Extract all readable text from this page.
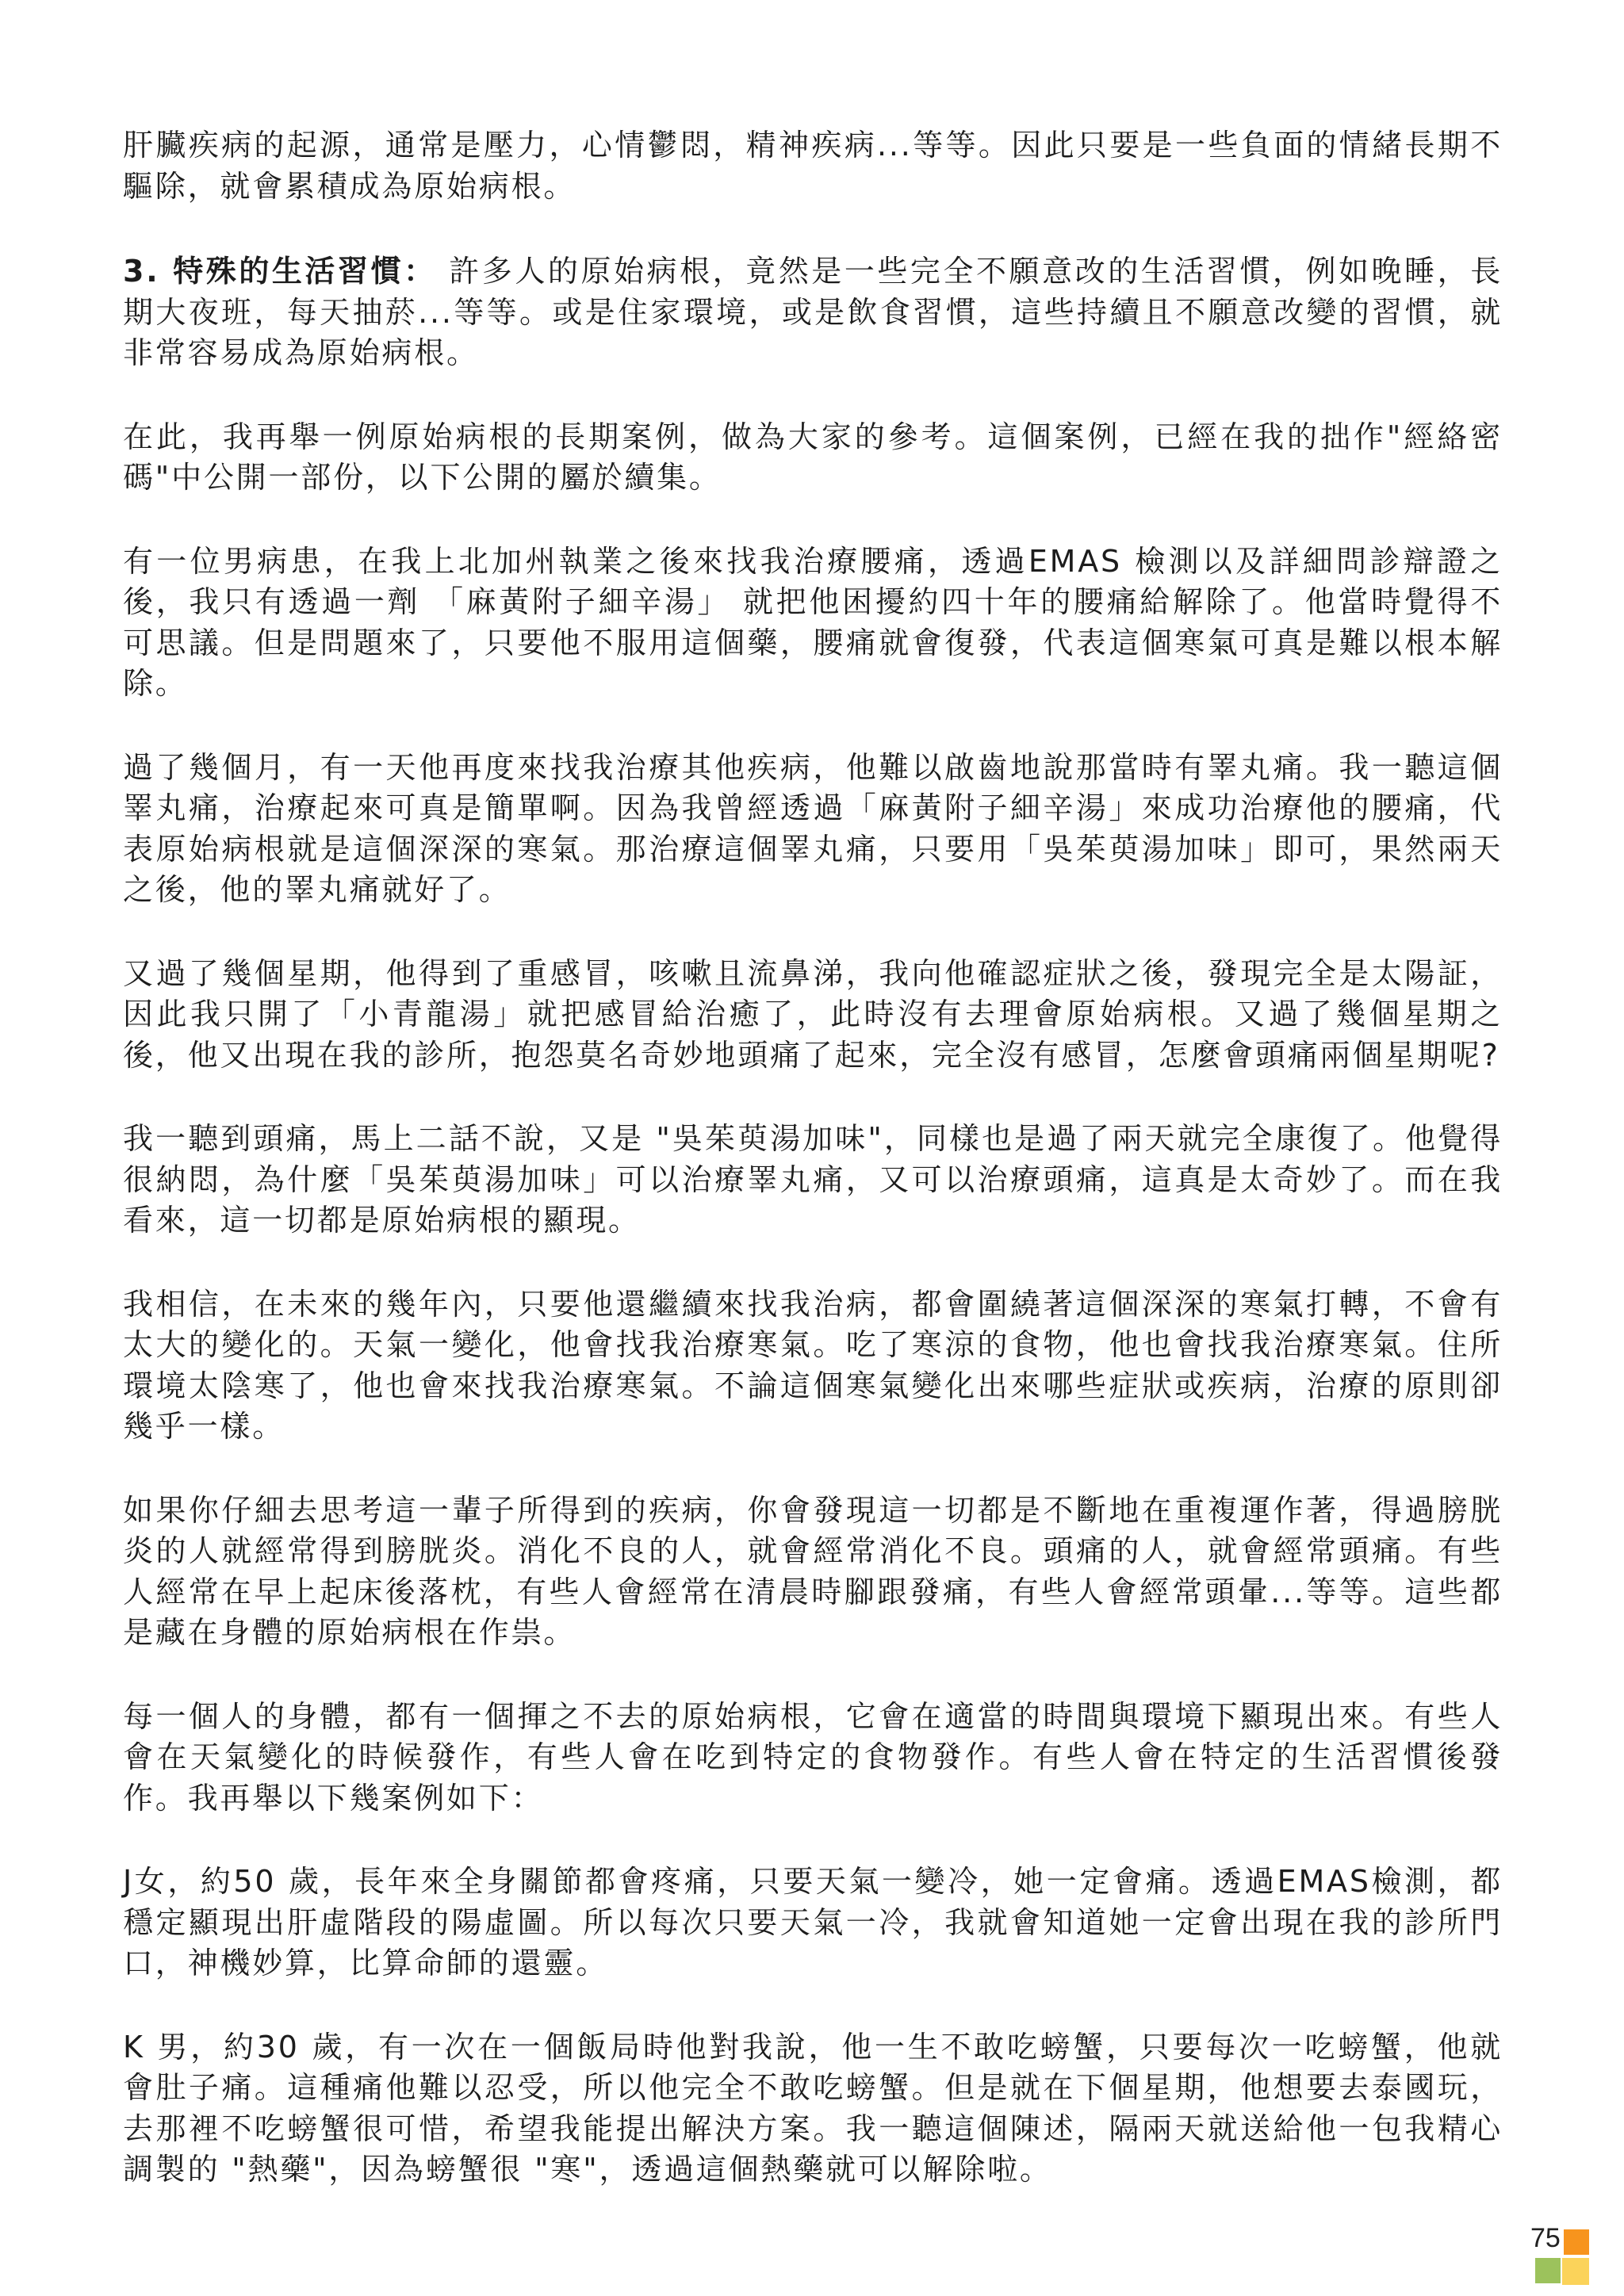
肝臟疾病的起源，通常是壓力，心情鬱悶，精神疾病...等等。因此只要是一些負面的情緒長期不驅除，就會累積成為原始病根。

3. 特殊的生活習慣： 許多人的原始病根，竟然是一些完全不願意改的生活習慣，例如晚睡，長期大夜班，每天抽菸...等等。或是住家環境，或是飲食習慣，這些持續且不願意改變的習慣，就非常容易成為原始病根。

在此，我再舉一例原始病根的長期案例，做為大家的參考。這個案例，已經在我的拙作"經絡密碼"中公開一部份，以下公開的屬於續集。

有一位男病患，在我上北加州執業之後來找我治療腰痛，透過EMAS 檢測以及詳細問診辯證之後，我只有透過一劑 「麻黃附子細辛湯」 就把他困擾約四十年的腰痛給解除了。他當時覺得不可思議。但是問題來了，只要他不服用這個藥，腰痛就會復發，代表這個寒氣可真是難以根本解除。

過了幾個月，有一天他再度來找我治療其他疾病，他難以啟齒地說那當時有睪丸痛。我一聽這個睪丸痛，治療起來可真是簡單啊。因為我曾經透過「麻黃附子細辛湯」來成功治療他的腰痛，代表原始病根就是這個深深的寒氣。那治療這個睪丸痛，只要用「吳茱萸湯加味」即可，果然兩天之後，他的睪丸痛就好了。

又過了幾個星期，他得到了重感冒，咳嗽且流鼻涕，我向他確認症狀之後，發現完全是太陽証，因此我只開了「小青龍湯」就把感冒給治癒了，此時沒有去理會原始病根。又過了幾個星期之後，他又出現在我的診所，抱怨莫名奇妙地頭痛了起來，完全沒有感冒，怎麼會頭痛兩個星期呢?

我一聽到頭痛，馬上二話不說，又是 "吳茱萸湯加味"，同樣也是過了兩天就完全康復了。他覺得很納悶，為什麼「吳茱萸湯加味」可以治療睪丸痛，又可以治療頭痛，這真是太奇妙了。而在我看來，這一切都是原始病根的顯現。

我相信，在未來的幾年內，只要他還繼續來找我治病，都會圍繞著這個深深的寒氣打轉，不會有太大的變化的。天氣一變化，他會找我治療寒氣。吃了寒涼的食物，他也會找我治療寒氣。住所環境太陰寒了，他也會來找我治療寒氣。不論這個寒氣變化出來哪些症狀或疾病，治療的原則卻幾乎一樣。

如果你仔細去思考這一輩子所得到的疾病，你會發現這一切都是不斷地在重複運作著，得過膀胱炎的人就經常得到膀胱炎。消化不良的人，就會經常消化不良。頭痛的人，就會經常頭痛。有些人經常在早上起床後落枕，有些人會經常在清晨時腳跟發痛，有些人會經常頭暈...等等。這些都是藏在身體的原始病根在作祟。

每一個人的身體，都有一個揮之不去的原始病根，它會在適當的時間與環境下顯現出來。有些人會在天氣變化的時候發作，有些人會在吃到特定的食物發作。有些人會在特定的生活習慣後發作。我再舉以下幾案例如下：

J女，約50 歲，長年來全身關節都會疼痛，只要天氣一變冷，她一定會痛。透過EMAS檢測，都穩定顯現出肝虛階段的陽虛圖。所以每次只要天氣一冷，我就會知道她一定會出現在我的診所門口，神機妙算，比算命師的還靈。

K 男，約30 歲，有一次在一個飯局時他對我說，他一生不敢吃螃蟹，只要每次一吃螃蟹，他就會肚子痛。這種痛他難以忍受，所以他完全不敢吃螃蟹。但是就在下個星期，他想要去泰國玩，去那裡不吃螃蟹很可惜，希望我能提出解決方案。我一聽這個陳述，隔兩天就送給他一包我精心調製的 "熱藥"，因為螃蟹很 "寒"，透過這個熱藥就可以解除啦。

75
